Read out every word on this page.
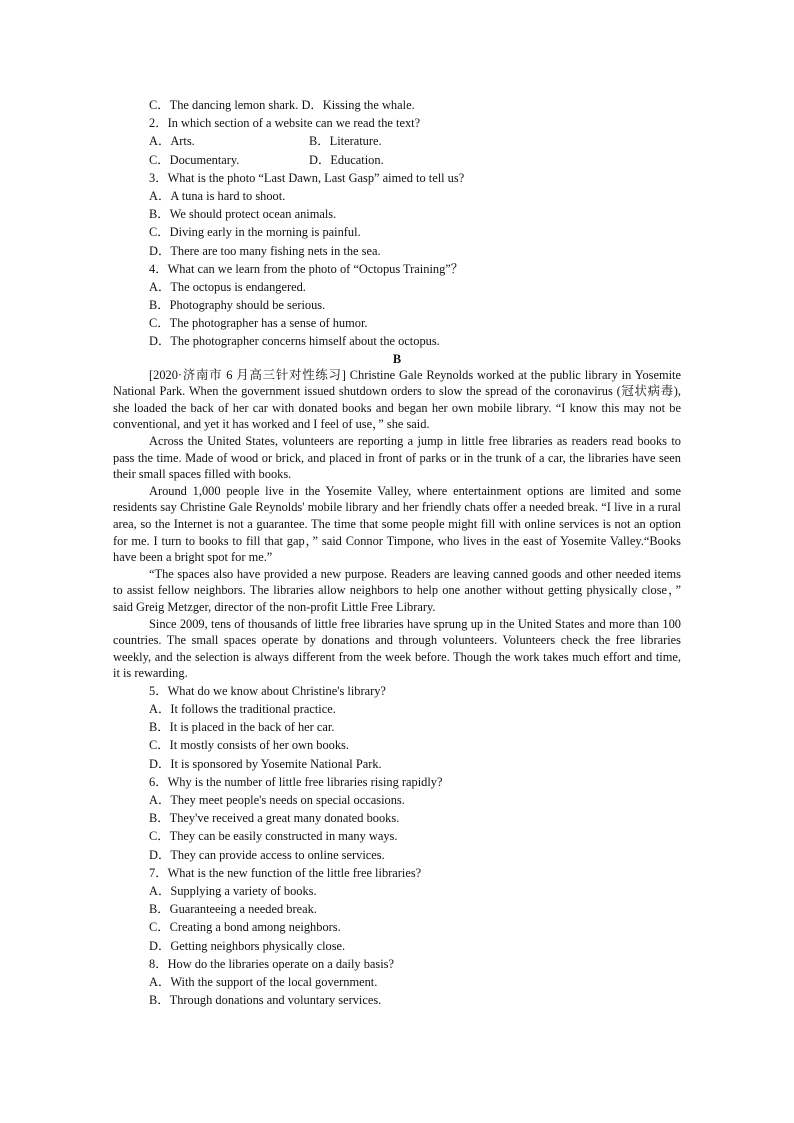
C．The dancing lemon shark. D．Kissing the whale.
2．In which section of a website can we read the text?
A．Arts.	B．Literature.
C．Documentary.	D．Education.
3．What is the photo “Last Dawn, Last Gasp” aimed to tell us?
A．A tuna is hard to shoot.
B．We should protect ocean animals.
C．Diving early in the morning is painful.
D．There are too many fishing nets in the sea.
4．What can we learn from the photo of “Octopus Training”？
A．The octopus is endangered.
B．Photography should be serious.
C．The photographer has a sense of humor.
D．The photographer concerns himself about the octopus.
B

[2020·济南市 6 月高三针对性练习] Christine Gale Reynolds worked at the public library in Yosemite National Park. When the government issued shutdown orders to slow the spread of the coronavirus (冠状病毒), she loaded the back of her car with donated books and began her own mobile library. “I know this may not be conventional, and yet it has worked and I feel of use，” she said.

Across the United States, volunteers are reporting a jump in little free libraries as readers read books to pass the time. Made of wood or brick, and placed in front of parks or in the trunk of a car, the libraries have seen their small spaces filled with books.

Around 1,000 people live in the Yosemite Valley, where entertainment options are limited and some residents say Christine Gale Reynolds' mobile library and her friendly chats offer a needed break. “I live in a rural area, so the Internet is not a guarantee. The time that some people might fill with online services is not an option for me. I turn to books to fill that gap，” said Connor Timpone, who lives in the east of Yosemite Valley.“Books have been a bright spot for me.”

“The spaces also have provided a new purpose. Readers are leaving canned goods and other needed items to assist fellow neighbors. The libraries allow neighbors to help one another without getting physically close，” said Greig Metzger, director of the non-profit Little Free Library.

Since 2009, tens of thousands of little free libraries have sprung up in the United States and more than 100 countries. The small spaces operate by donations and through volunteers. Volunteers check the free libraries weekly, and the selection is always different from the week before. Though the work takes much effort and time, it is rewarding.

5．What do we know about Christine's library?
A．It follows the traditional practice.
B．It is placed in the back of her car.
C．It mostly consists of her own books.
D．It is sponsored by Yosemite National Park.
6．Why is the number of little free libraries rising rapidly?
A．They meet people's needs on special occasions.
B．They've received a great many donated books.
C．They can be easily constructed in many ways.
D．They can provide access to online services.
7．What is the new function of the little free libraries?
A．Supplying a variety of books.
B．Guaranteeing a needed break.
C．Creating a bond among neighbors.
D．Getting neighbors physically close.
8．How do the libraries operate on a daily basis?
A．With the support of the local government.
B．Through donations and voluntary services.
